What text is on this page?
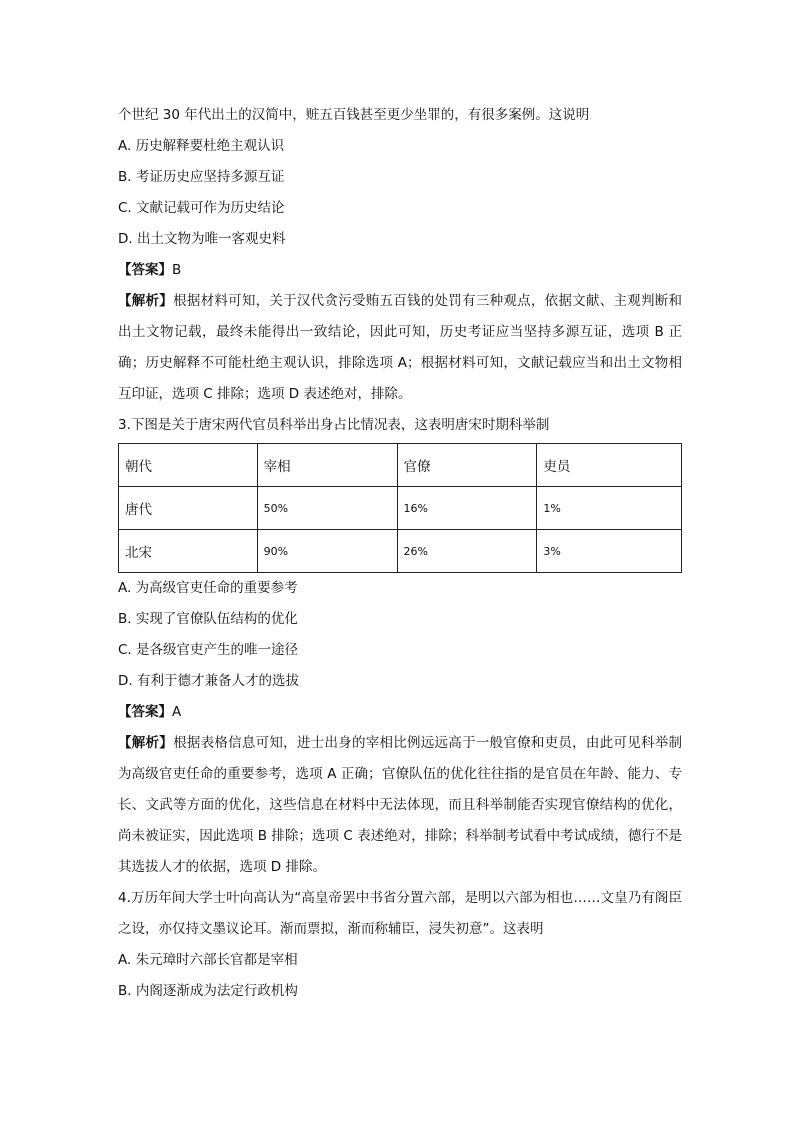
个世纪 30 年代出土的汉简中，赃五百钱甚至更少坐罪的，有很多案例。这说明
A. 历史解释要杜绝主观认识
B. 考证历史应坚持多源互证
C. 文献记载可作为历史结论
D. 出土文物为唯一客观史料
【答案】B
【解析】根据材料可知，关于汉代贪污受贿五百钱的处罚有三种观点，依据文献、主观判断和出土文物记载，最终未能得出一致结论，因此可知，历史考证应当坚持多源互证，选项 B 正确；历史解释不可能杜绝主观认识，排除选项 A；根据材料可知，文献记载应当和出土文物相互印证，选项 C 排除；选项 D 表述绝对，排除。
3.下图是关于唐宋两代官员科举出身占比情况表，这表明唐宋时期科举制
朝代	宰相	官僚	吏员
唐代	50%	16%	1%
北宋	90%	26%	3%
A. 为高级官吏任命的重要参考
B. 实现了官僚队伍结构的优化
C. 是各级官吏产生的唯一途径
D. 有利于德才兼备人才的选拔
【答案】A
【解析】根据表格信息可知，进士出身的宰相比例远远高于一般官僚和吏员，由此可见科举制为高级官吏任命的重要参考，选项 A 正确；官僚队伍的优化往往指的是官员在年龄、能力、专长、文武等方面的优化，这些信息在材料中无法体现，而且科举制能否实现官僚结构的优化，尚未被证实，因此选项 B 排除；选项 C 表述绝对，排除；科举制考试看中考试成绩，德行不是其选拔人才的依据，选项 D 排除。
4.万历年间大学士叶向高认为“高皇帝罢中书省分置六部，是明以六部为相也……文皇乃有阁臣之设，亦仅持文墨议论耳。渐而票拟，渐而称辅臣，浸失初意”。这表明
A. 朱元璋时六部长官都是宰相
B. 内阁逐渐成为法定行政机构
